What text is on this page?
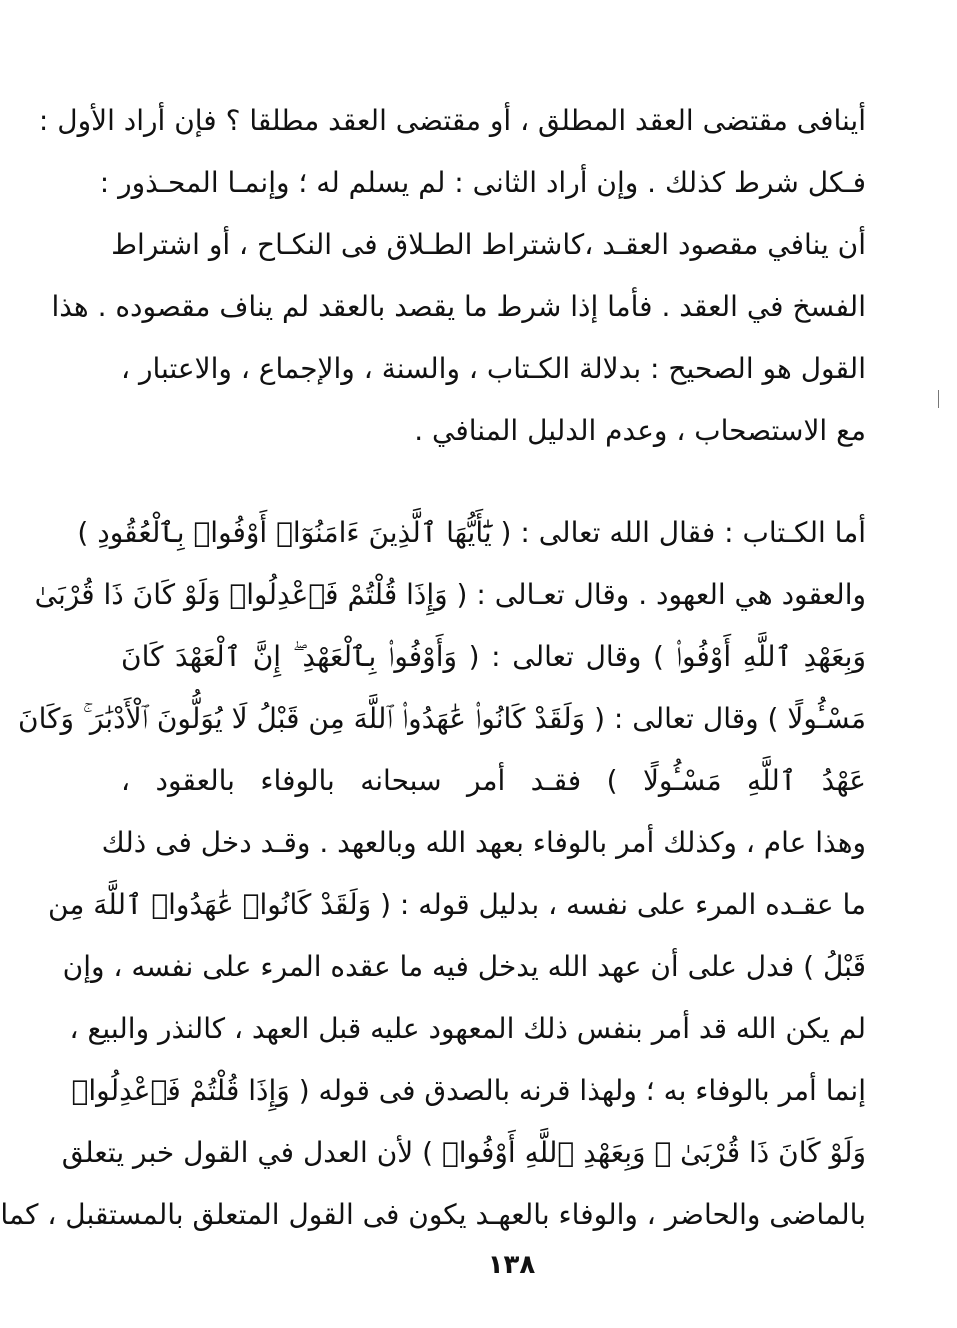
أينافى مقتضى العقد المطلق ، أو مقتضى العقد مطلقا ؟ فإن أراد الأول :
فـكل شرط كذلك . وإن أراد الثانى : لم يسلم له ؛ وإنمـا المحـذور :
أن ينافي مقصود العقـد ،كاشتراط الطـلاق فى النكـاح ، أو اشتراط
الفسخ في العقد . فأما إذا شرط ما يقصد بالعقد لم يناف مقصوده . هذا
القول هو الصحيح : بدلالة الكـتاب ، والسنة ، والإجماع ، والاعتبار ،
مع الاستصحاب ، وعدم الدليل المنافي .
أما الكـتاب : فقال الله تعالى : ( يَٰٓأَيُّهَا ٱلَّذِينَ ءَامَنُوٓا۟ أَوْفُوا۟ بِٱلْعُقُودِ )
والعقود هي العهود . وقال تعـالى : ( وَإِذَا قُلْتُمْ فَٱعْدِلُوا۟ وَلَوْ كَانَ ذَا قُرْبَىٰ
وَبِعَهْدِ ٱللَّهِ أَوْفُوا۟ ) وقال تعالى : ( وَأَوْفُوا۟ بِٱلْعَهْدِ ۖ إِنَّ ٱلْعَهْدَ كَانَ
مَسْـُٔولًا ) وقال تعالى : ( وَلَقَدْ كَانُوا۟ عَٰهَدُوا۟ ٱللَّهَ مِن قَبْلُ لَا يُوَلُّونَ ٱلْأَدْبَٰرَ ۚ وَكَانَ
عَهْدُ ٱللَّهِ مَسْـُٔولًا ) فقـد أمر سبحانه بالوفاء بالعقود ،
وهذا عام ، وكذلك أمر بالوفاء بعهد الله وبالعهد . وقـد دخل فى ذلك
ما عقـده المرء على نفسه ، بدليل قوله : ( وَلَقَدْ كَانُوا۟ عَٰهَدُوا۟ ٱللَّهَ مِن
قَبْلُ ) فدل على أن عهد الله يدخل فيه ما عقده المرء على نفسه ، وإن
لم يكن الله قد أمر بنفس ذلك المعهود عليه قبل العهد ، كالنذر والبيع ،
إنما أمر بالوفاء به ؛ ولهذا قرنه بالصدق فى قوله ( وَإِذَا قُلْتُمْ فَٱعْدِلُوا۟
وَلَوْ كَانَ ذَا قُرْبَىٰ ۖ وَبِعَهْدِ ٱللَّهِ أَوْفُوا۟ ) لأن العدل في القول خبر يتعلق
بالماضى والحاضر ، والوفاء بالعهـد يكون فى القول المتعلق بالمستقبل ، كما
١٣٨
